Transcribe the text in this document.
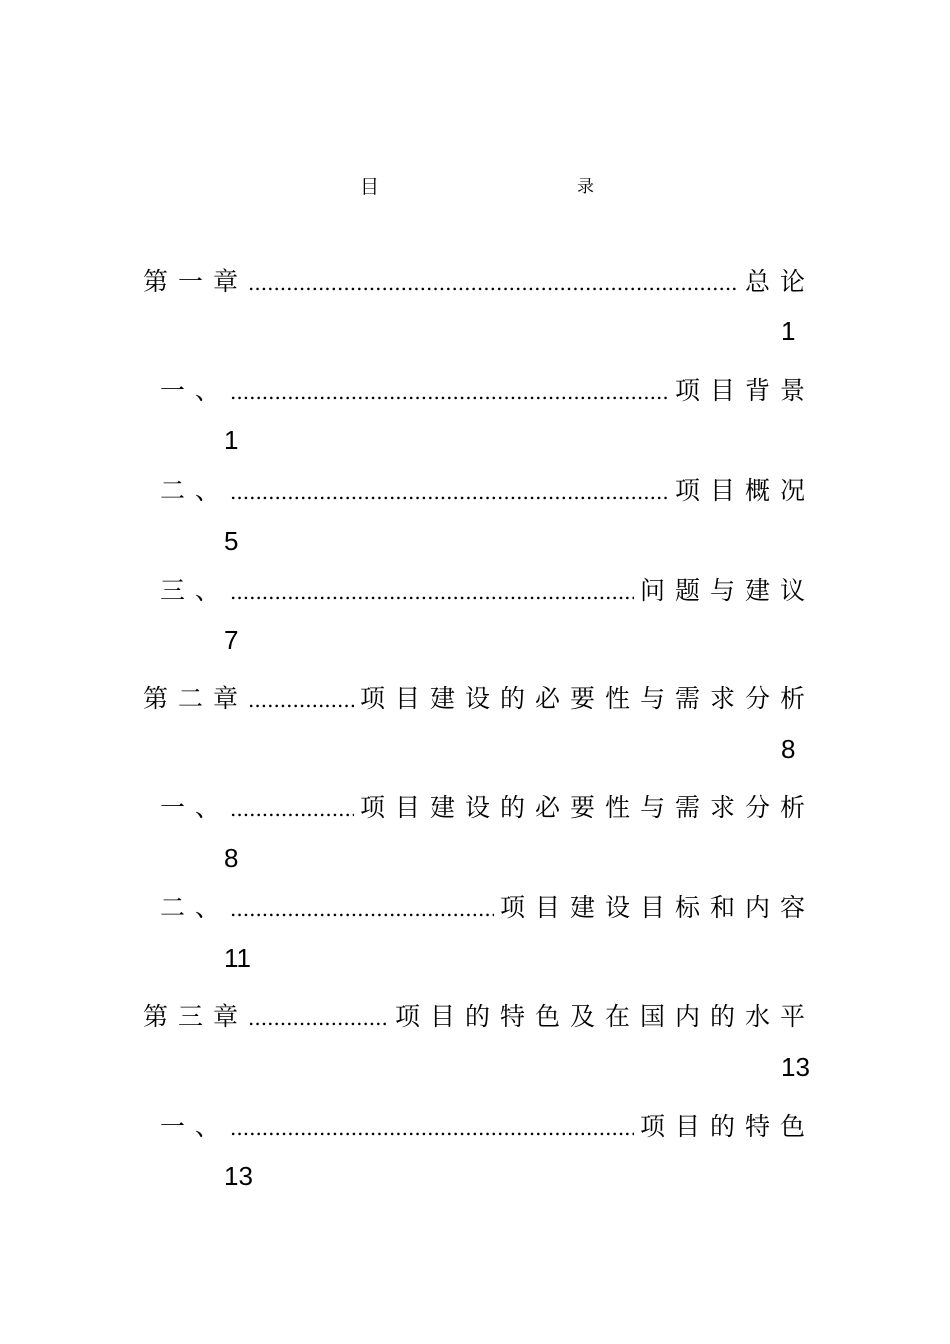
目	录
第一章 .....	总论
1
一、 .....	项目背景
1
二、 .....	项目概况
5
三、 .....	问题与建议
7
第二章 .....	项目建设的必要性与需求分析
8
一、 .....	项目建设的必要性与需求分析
8
二、 .....	项目建设目标和内容
11
第三章 .....	项目的特色及在国内的水平
13
一、 .....	项目的特色
13
